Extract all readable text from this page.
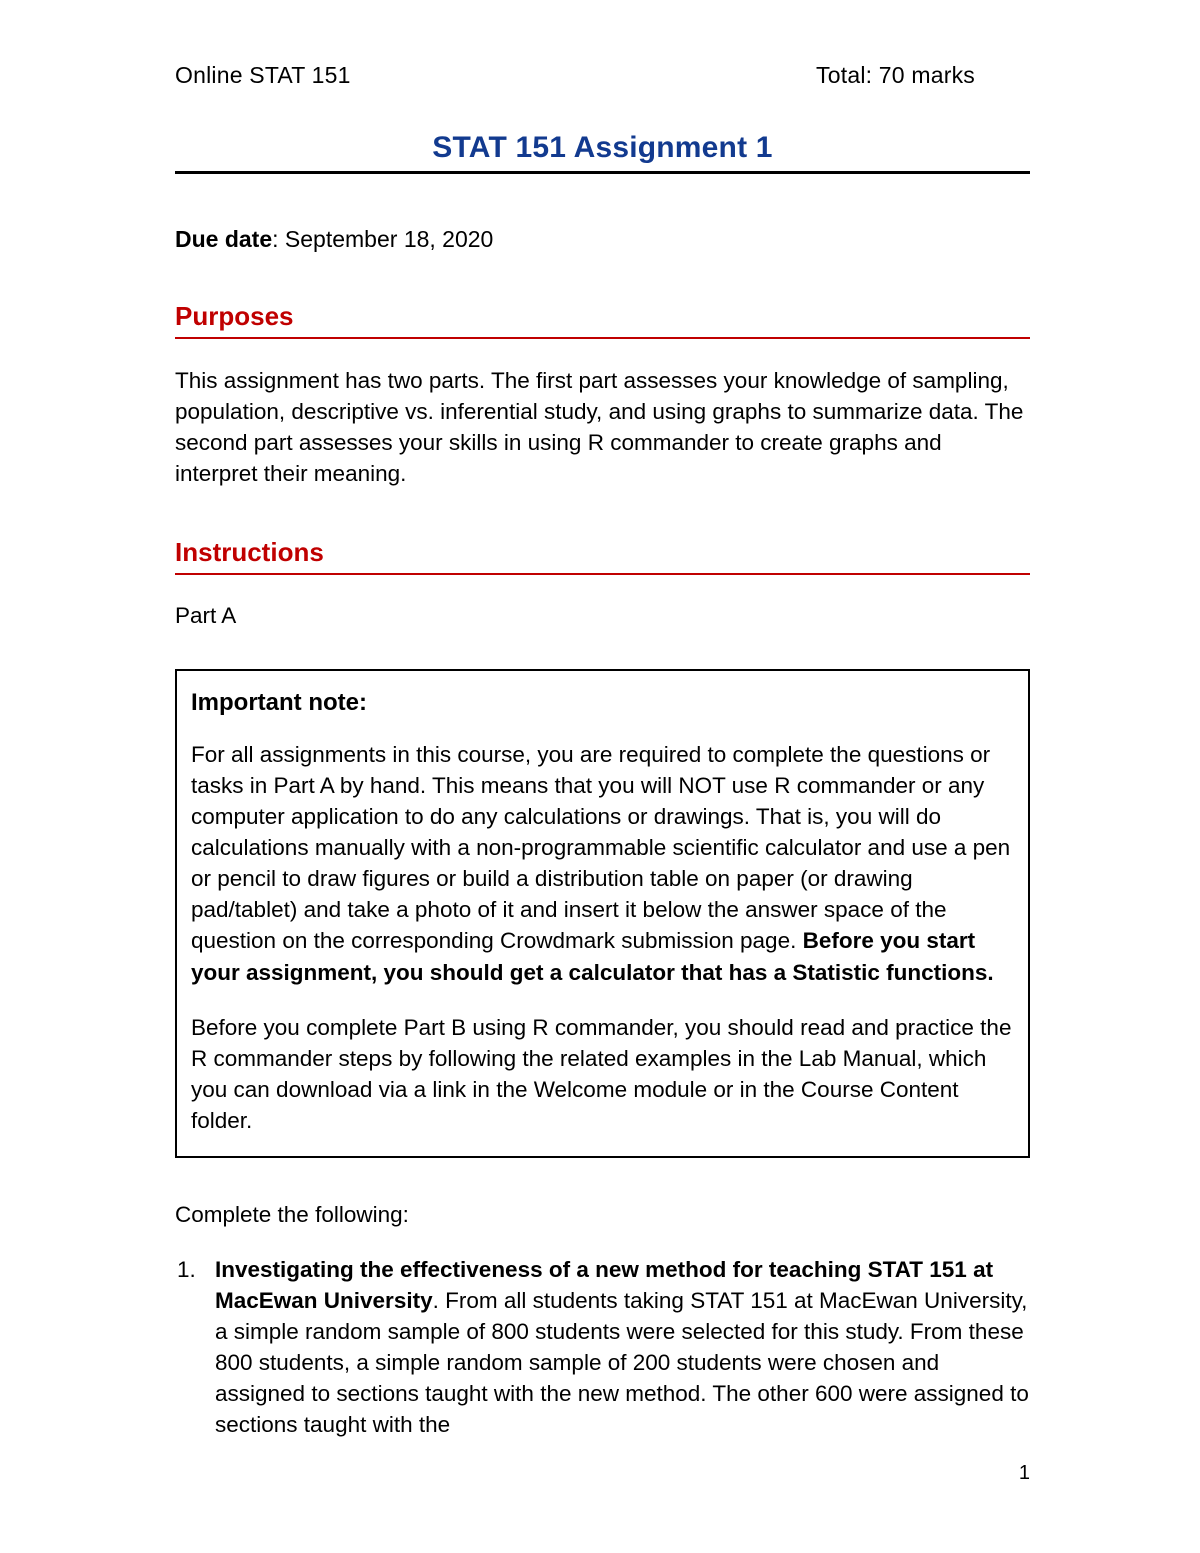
Online STAT 151	Total: 70 marks
STAT 151 Assignment 1
Due date: September 18, 2020
Purposes
This assignment has two parts. The first part assesses your knowledge of sampling, population, descriptive vs. inferential study, and using graphs to summarize data. The second part assesses your skills in using R commander to create graphs and interpret their meaning.
Instructions
Part A
Important note:
For all assignments in this course, you are required to complete the questions or tasks in Part A by hand. This means that you will NOT use R commander or any computer application to do any calculations or drawings. That is, you will do calculations manually with a non-programmable scientific calculator and use a pen or pencil to draw figures or build a distribution table on paper (or drawing pad/tablet) and take a photo of it and insert it below the answer space of the question on the corresponding Crowdmark submission page. Before you start your assignment, you should get a calculator that has a Statistic functions.
Before you complete Part B using R commander, you should read and practice the R commander steps by following the related examples in the Lab Manual, which you can download via a link in the Welcome module or in the Course Content folder.
Complete the following:
1. Investigating the effectiveness of a new method for teaching STAT 151 at MacEwan University. From all students taking STAT 151 at MacEwan University, a simple random sample of 800 students were selected for this study. From these 800 students, a simple random sample of 200 students were chosen and assigned to sections taught with the new method. The other 600 were assigned to sections taught with the
1
